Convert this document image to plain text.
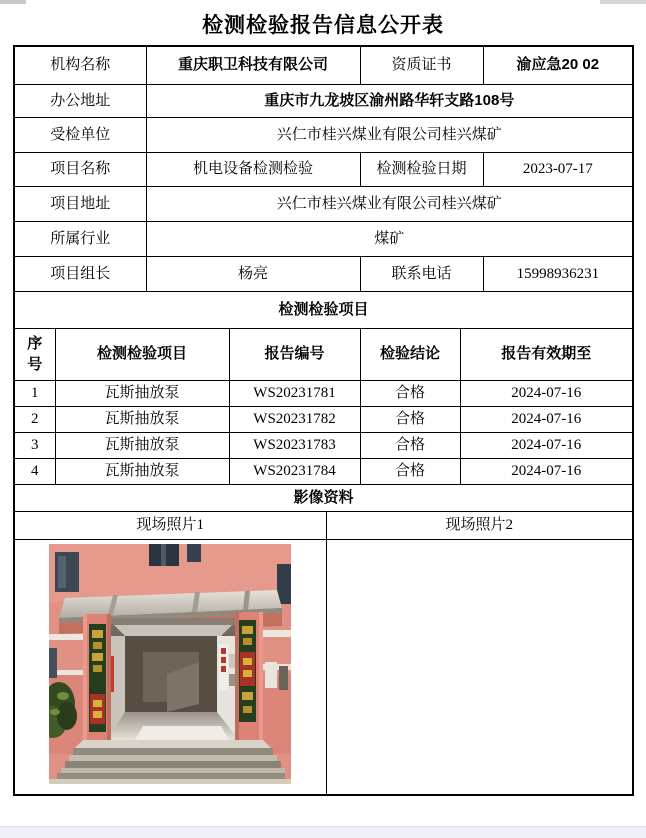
检测检验报告信息公开表
机构名称		重庆职卫科技有限公司			资质证书		渝应急20 02
办公地址		重庆市九龙坡区渝州路华轩支路108号					
受检单位		兴仁市桂兴煤业有限公司桂兴煤矿					
项目名称		机电设备检测检验			检测检验日期		2023-07-17
项目地址		兴仁市桂兴煤业有限公司桂兴煤矿					
所属行业		煤矿					
项目组长		杨亮			联系电话		15998936231
检测检验项目							

序
号	检测检验项目		报告编号		检验结论	报告有效期至	
1	瓦斯抽放泵		WS20231781		合格	2024-07-16	
2	瓦斯抽放泵		WS20231782		合格	2024-07-16	
3	瓦斯抽放泵		WS20231783		合格	2024-07-16	
4	瓦斯抽放泵		WS20231784		合格	2024-07-16	
影像资料							
现场照片1				现场照片2			
